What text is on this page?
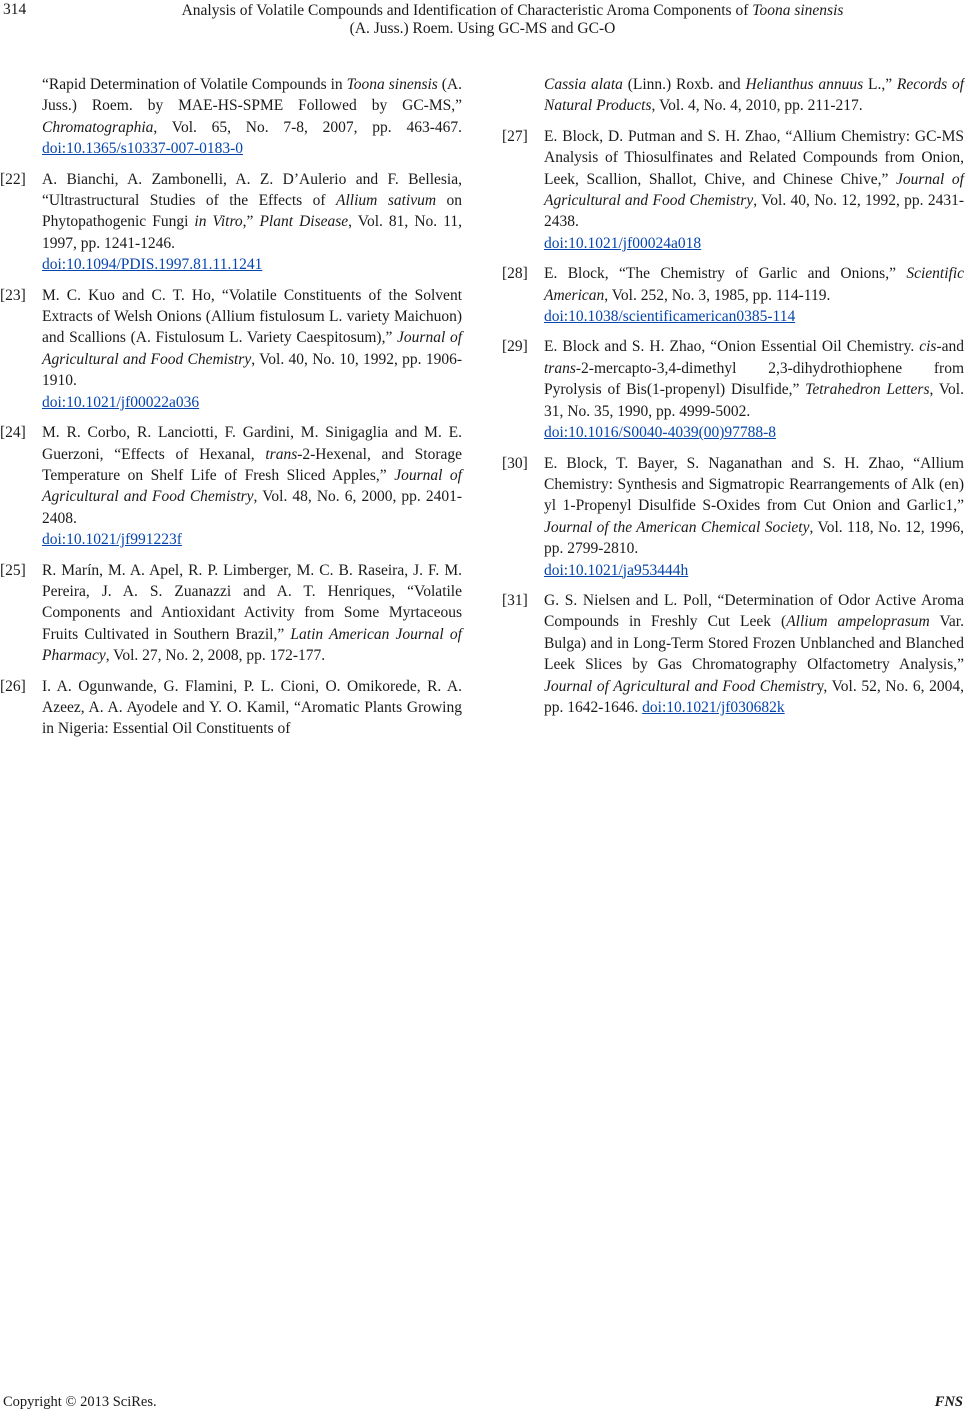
314	Analysis of Volatile Compounds and Identification of Characteristic Aroma Components of Toona sinensis
(A. Juss.) Roem. Using GC-MS and GC-O
“Rapid Determination of Volatile Compounds in Toona sinensis (A. Juss.) Roem. by MAE-HS-SPME Followed by GC-MS,” Chromatographia, Vol. 65, No. 7-8, 2007, pp. 463-467. doi:10.1365/s10337-007-0183-0
[22] A. Bianchi, A. Zambonelli, A. Z. D’Aulerio and F. Bellesia, “Ultrastructural Studies of the Effects of Allium sativum on Phytopathogenic Fungi in Vitro,” Plant Disease, Vol. 81, No. 11, 1997, pp. 1241-1246.
doi:10.1094/PDIS.1997.81.11.1241
[23] M. C. Kuo and C. T. Ho, “Volatile Constituents of the Solvent Extracts of Welsh Onions (Allium fistulosum L. variety Maichuon) and Scallions (A. Fistulosum L. Variety Caespitosum),” Journal of Agricultural and Food Chemistry, Vol. 40, No. 10, 1992, pp. 1906-1910.
doi:10.1021/jf00022a036
[24] M. R. Corbo, R. Lanciotti, F. Gardini, M. Sinigaglia and M. E. Guerzoni, “Effects of Hexanal, trans-2-Hexenal, and Storage Temperature on Shelf Life of Fresh Sliced Apples,” Journal of Agricultural and Food Chemistry, Vol. 48, No. 6, 2000, pp. 2401-2408.
doi:10.1021/jf991223f
[25] R. Marín, M. A. Apel, R. P. Limberger, M. C. B. Raseira, J. F. M. Pereira, J. A. S. Zuanazzi and A. T. Henriques, “Volatile Components and Antioxidant Activity from Some Myrtaceous Fruits Cultivated in Southern Brazil,” Latin American Journal of Pharmacy, Vol. 27, No. 2, 2008, pp. 172-177.
[26] I. A. Ogunwande, G. Flamini, P. L. Cioni, O. Omikorede, R. A. Azeez, A. A. Ayodele and Y. O. Kamil, “Aromatic Plants Growing in Nigeria: Essential Oil Constituents of
Cassia alata (Linn.) Roxb. and Helianthus annuus L.,” Records of Natural Products, Vol. 4, No. 4, 2010, pp. 211-217.
[27] E. Block, D. Putman and S. H. Zhao, “Allium Chemistry: GC-MS Analysis of Thiosulfinates and Related Compounds from Onion, Leek, Scallion, Shallot, Chive, and Chinese Chive,” Journal of Agricultural and Food Chemistry, Vol. 40, No. 12, 1992, pp. 2431-2438.
doi:10.1021/jf00024a018
[28] E. Block, “The Chemistry of Garlic and Onions,” Scientific American, Vol. 252, No. 3, 1985, pp. 114-119.
doi:10.1038/scientificamerican0385-114
[29] E. Block and S. H. Zhao, “Onion Essential Oil Chemistry. cis-and trans-2-mercapto-3,4-dimethyl 2,3-dihydrothiophene from Pyrolysis of Bis(1-propenyl) Disulfide,” Tetrahedron Letters, Vol. 31, No. 35, 1990, pp. 4999-5002.
doi:10.1016/S0040-4039(00)97788-8
[30] E. Block, T. Bayer, S. Naganathan and S. H. Zhao, “Allium Chemistry: Synthesis and Sigmatropic Rearrangements of Alk (en) yl 1-Propenyl Disulfide S-Oxides from Cut Onion and Garlic1,” Journal of the American Chemical Society, Vol. 118, No. 12, 1996, pp. 2799-2810.
doi:10.1021/ja953444h
[31] G. S. Nielsen and L. Poll, “Determination of Odor Active Aroma Compounds in Freshly Cut Leek (Allium ampeloprasum Var. Bulga) and in Long-Term Stored Frozen Unblanched and Blanched Leek Slices by Gas Chromatography Olfactometry Analysis,” Journal of Agricultural and Food Chemistry, Vol. 52, No. 6, 2004, pp. 1642-1646. doi:10.1021/jf030682k
Copyright © 2013 SciRes.	FNS
